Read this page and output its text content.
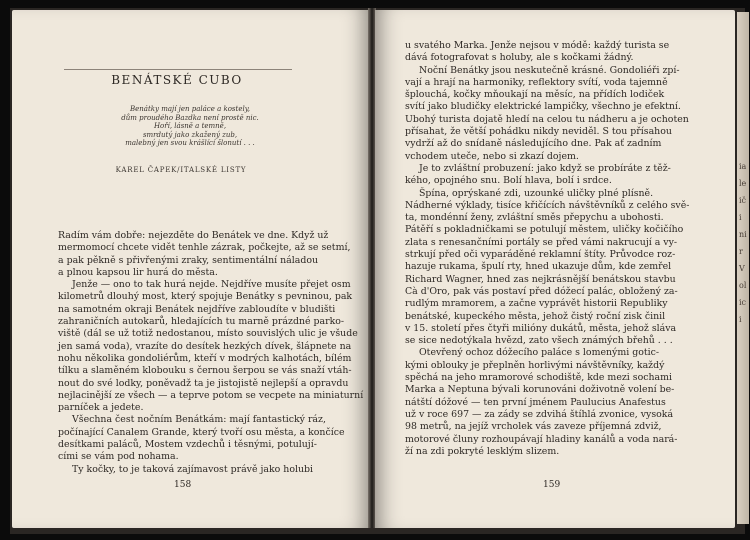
BENÁTSKÉ CUBO
Benátky mají jen paláce a kostely,
dům proudého Bazdka není prostě nic.
Hoří, lásně a temně,
smrdutý jako zkažený zub,
malebný jen svou krášlící šlonutí . . .
KAREL ČAPEK/ITALSKÉ LISTY
Radím vám dobře: nejezděte do Benátek ve dne. Když už
mermomocí chcete vidět tenhle zázrak, počkejte, až se setmí,
a pak pěkně s přivřenými zraky, sentimentální náladou
a plnou kapsou lir hurá do města.
Jenže — ono to tak hurá nejde. Nejdříve musíte přejet osm
kilometrů dlouhý most, který spojuje Benátky s pevninou, pak
na samotném okraji Benátek nejdříve zabloudíte v bludišti
zahraničních autokarů, hledajících tu marně prázdné parko-
viště (dál se už totiž nedostanou, místo souvislých ulic je všude
jen samá voda), vrazíte do desítek hezkých dívek, šlápnete na
nohu několika gondoliérům, kteří v modrých kalhotách, bílém
tílku a slaměném klobouku s černou šerpou se vás snaží vtáh-
nout do své lodky, poněvadž ta je jistojistě nejlepší a opravdu
nejlacinější ze všech — a teprve potom se vecpete na miniaturní
parníček a jedete.
Všechna čest nočním Benátkám: mají fantastický ráz,
počínající Canalem Grande, který tvoří osu města, a končíce
desítkami paláců, Mostem vzdechů i těsnými, potulují-
cími se vám pod nohama.
Ty kočky, to je taková zajímavost právě jako holubi
158
u svatého Marka. Jenže nejsou v módě: každý turista se
dává fotografovat s holuby, ale s kočkami žádný.
Noční Benátky jsou neskutečně krásné. Gondoliéři zpí-
vají a hrají na harmoniky, reflektory svítí, voda tajemně
šplouchá, kočky mňoukají na měsíc, na přídích lodiček
svítí jako bludičky elektrické lampičky, všechno je efektní.
Ubohý turista dojatě hledí na celou tu nádheru a je ochoten
přísahat, že větší pohádku nikdy neviděl. S tou přísahou
vydrží až do snídaně následujícího dne. Pak ať zadním
vchodem uteče, nebo si zkazí dojem.
Je to zvláštní probuzení: jako když se probíráte z těž-
kého, opojného snu. Bolí hlava, bolí i srdce.
Špína, oprýskané zdi, uzounké uličky plné plísně.
Nádherné výklady, tisíce křičících návštěvníků z celého svě-
ta, mondénní ženy, zvláštní směs přepychu a ubohosti.
Pátěří s pokladničkami se potulují městem, uličky kočičího
zlata s renesančními portály se před vámi nakrucují a vy-
strkují před oči vyparáděné reklamní štíty. Průvodce roz-
hazuje rukama, špulí rty, hned ukazuje dům, kde zemřel
Richard Wagner, hned zas nejkrásnější benátskou stavbu
Cà d'Oro, pak vás postaví před dóžecí palác, obložený za-
rudlým mramorem, a začne vyprávět historii Republiky
benátské, kupeckého města, jehož čistý roční zisk činil
v 15. století přes čtyři milióny dukátů, města, jehož sláva
se sice nedotýkala hvězd, zato všech známých břehů . . .
Otevřený ochoz dóžecího paláce s lomenými gotic-
kými oblouky je přeplněn horlivými návštěvníky, každý
spěchá na jeho mramorové schodiště, kde mezi sochami
Marka a Neptuna bývali korunováni doživotně volení be-
nátští dóžové — ten první jménem Paulucius Anafestus
už v roce 697 — za zády se zdvihá štíhlá zvonice, vysoká
98 metrů, na jejíž vrcholek vás zaveze příjemná zdviž,
motorové čluny rozhoupávají hladiny kanálů a voda nará-
ží na zdi pokryté lesklým slizem.
159
ia
le
ič
i
ni
r
V
ol
ic
i
